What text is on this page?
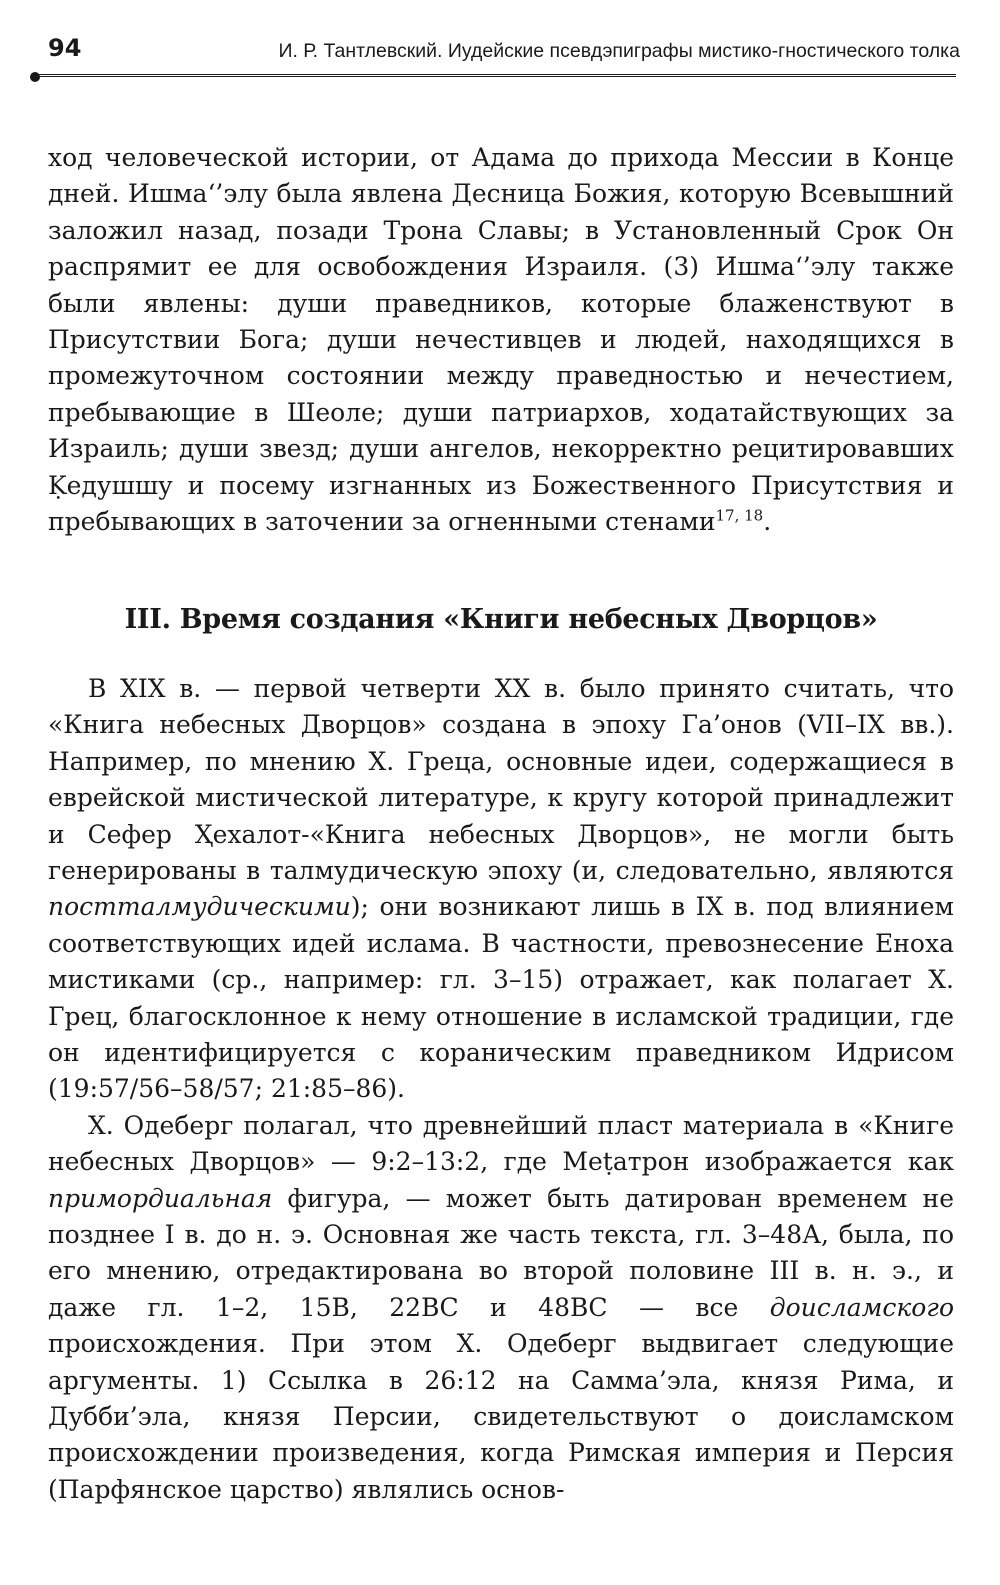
94	И. Р. Тантлевский. Иудейские псевдэпиграфы мистико-гностического толка

ход человеческой истории, от Адама до прихода Мессии в Конце дней. Ишма‘’элу была явлена Десница Божия, которую Всевышний заложил назад, позади Трона Славы; в Установленный Срок Он распрямит ее для освобождения Израиля. (3) Ишма‘’элу также были явлены: души праведников, которые блаженствуют в Присутствии Бога; души нечестивцев и людей, находящихся в промежуточном состоянии между праведностью и нечестием, пребывающие в Шеоле; души патриархов, ходатайствующих за Израиль; души звезд; души ангелов, некорректно рецитировавших Ḳедушшу и посему изгнанных из Божественного Присутствия и пребывающих в заточении за огненными стенами$^{17, 18}$.

III. Время создания «Книги небесных Дворцов»

В XIX в. — первой четверти XX в. было принято считать, что «Книга небесных Дворцов» создана в эпоху Га’онов (VII–IX вв.). Например, по мнению Х. Греца, основные идеи, содержащиеся в еврейской мистической литературе, к кругу которой принадлежит и Сефер Ҳехалот-«Книга небесных Дворцов», не могли быть генерированы в талмудическую эпоху (и, следовательно, являются постталмудическими); они возникают лишь в IX в. под влиянием соответствующих идей ислама. В частности, превознесение Еноха мистиками (ср., например: гл. 3–15) отражает, как полагает Х. Грец, благосклонное к нему отношение в исламской традиции, где он идентифицируется с кораническим праведником Идрисом (19:57/56–58/57; 21:85–86).

Х. Одеберг полагал, что древнейший пласт материала в «Книге небесных Дворцов» — 9:2–13:2, где Меṭатрон изображается как примордиальная фигура, — может быть датирован временем не позднее I в. до н. э. Основная же часть текста, гл. 3–48А, была, по его мнению, отредактирована во второй половине III в. н. э., и даже гл. 1–2, 15В, 22ВС и 48ВС — все доисламского происхождения. При этом Х. Одеберг выдвигает следующие аргументы. 1) Ссылка в 26:12 на Самма’эла, князя Рима, и Дубби’эла, князя Персии, свидетельствуют о доисламском происхождении произведения, когда Римская империя и Персия (Парфянское царство) являлись основ-
